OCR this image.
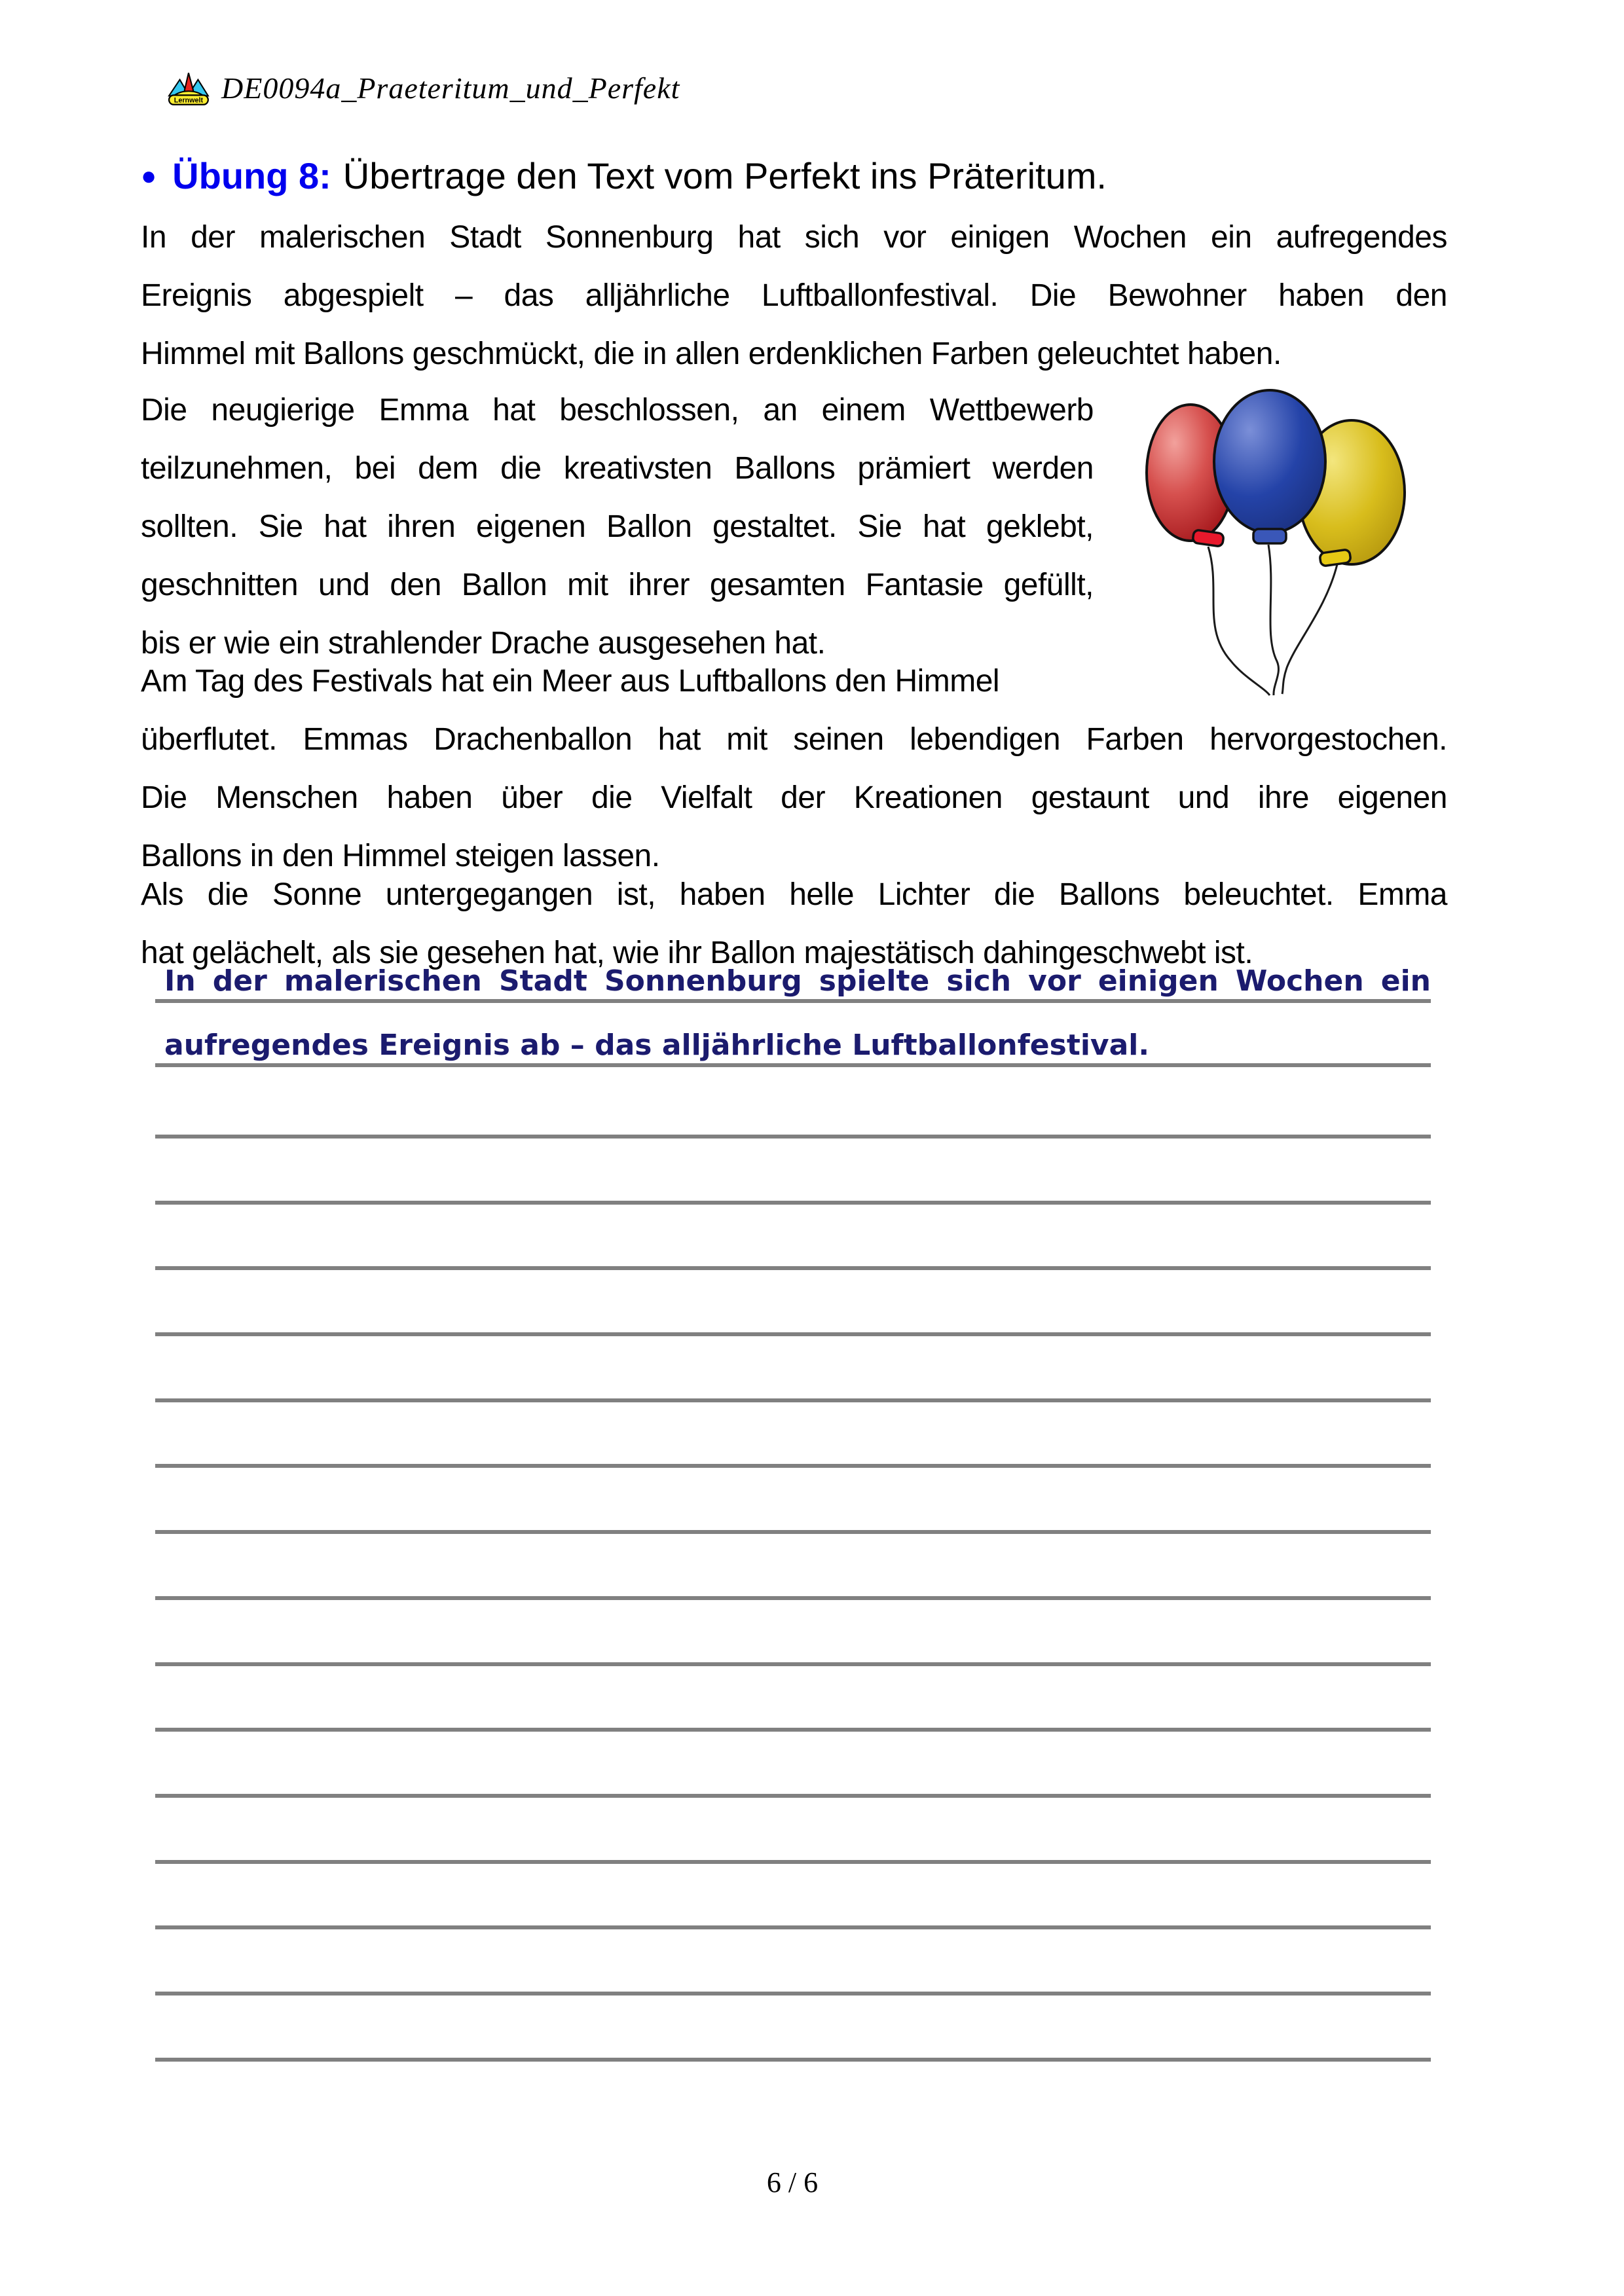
Lernwelt DE0094a_Praeteritum_und_Perfekt
● Übung 8: Übertrage den Text vom Perfekt ins Präteritum.
In der malerischen Stadt Sonnenburg hat sich vor einigen Wochen ein aufregendes
Ereignis abgespielt – das alljährliche Luftballonfestival. Die Bewohner haben den
Himmel mit Ballons geschmückt, die in allen erdenklichen Farben geleuchtet haben.
Die neugierige Emma hat beschlossen, an einem Wettbewerb
teilzunehmen, bei dem die kreativsten Ballons prämiert werden
sollten. Sie hat ihren eigenen Ballon gestaltet. Sie hat geklebt,
geschnitten und den Ballon mit ihrer gesamten Fantasie gefüllt,
bis er wie ein strahlender Drache ausgesehen hat.
Am Tag des Festivals hat ein Meer aus Luftballons den Himmel
überflutet. Emmas Drachenballon hat mit seinen lebendigen Farben hervorgestochen.
Die Menschen haben über die Vielfalt der Kreationen gestaunt und ihre eigenen
Ballons in den Himmel steigen lassen.
Als die Sonne untergegangen ist, haben helle Lichter die Ballons beleuchtet. Emma
hat gelächelt, als sie gesehen hat, wie ihr Ballon majestätisch dahingeschwebt ist.
In der malerischen Stadt Sonnenburg spielte sich vor einigen Wochen ein
aufregendes Ereignis ab – das alljährliche Luftballonfestival.
6 / 6
